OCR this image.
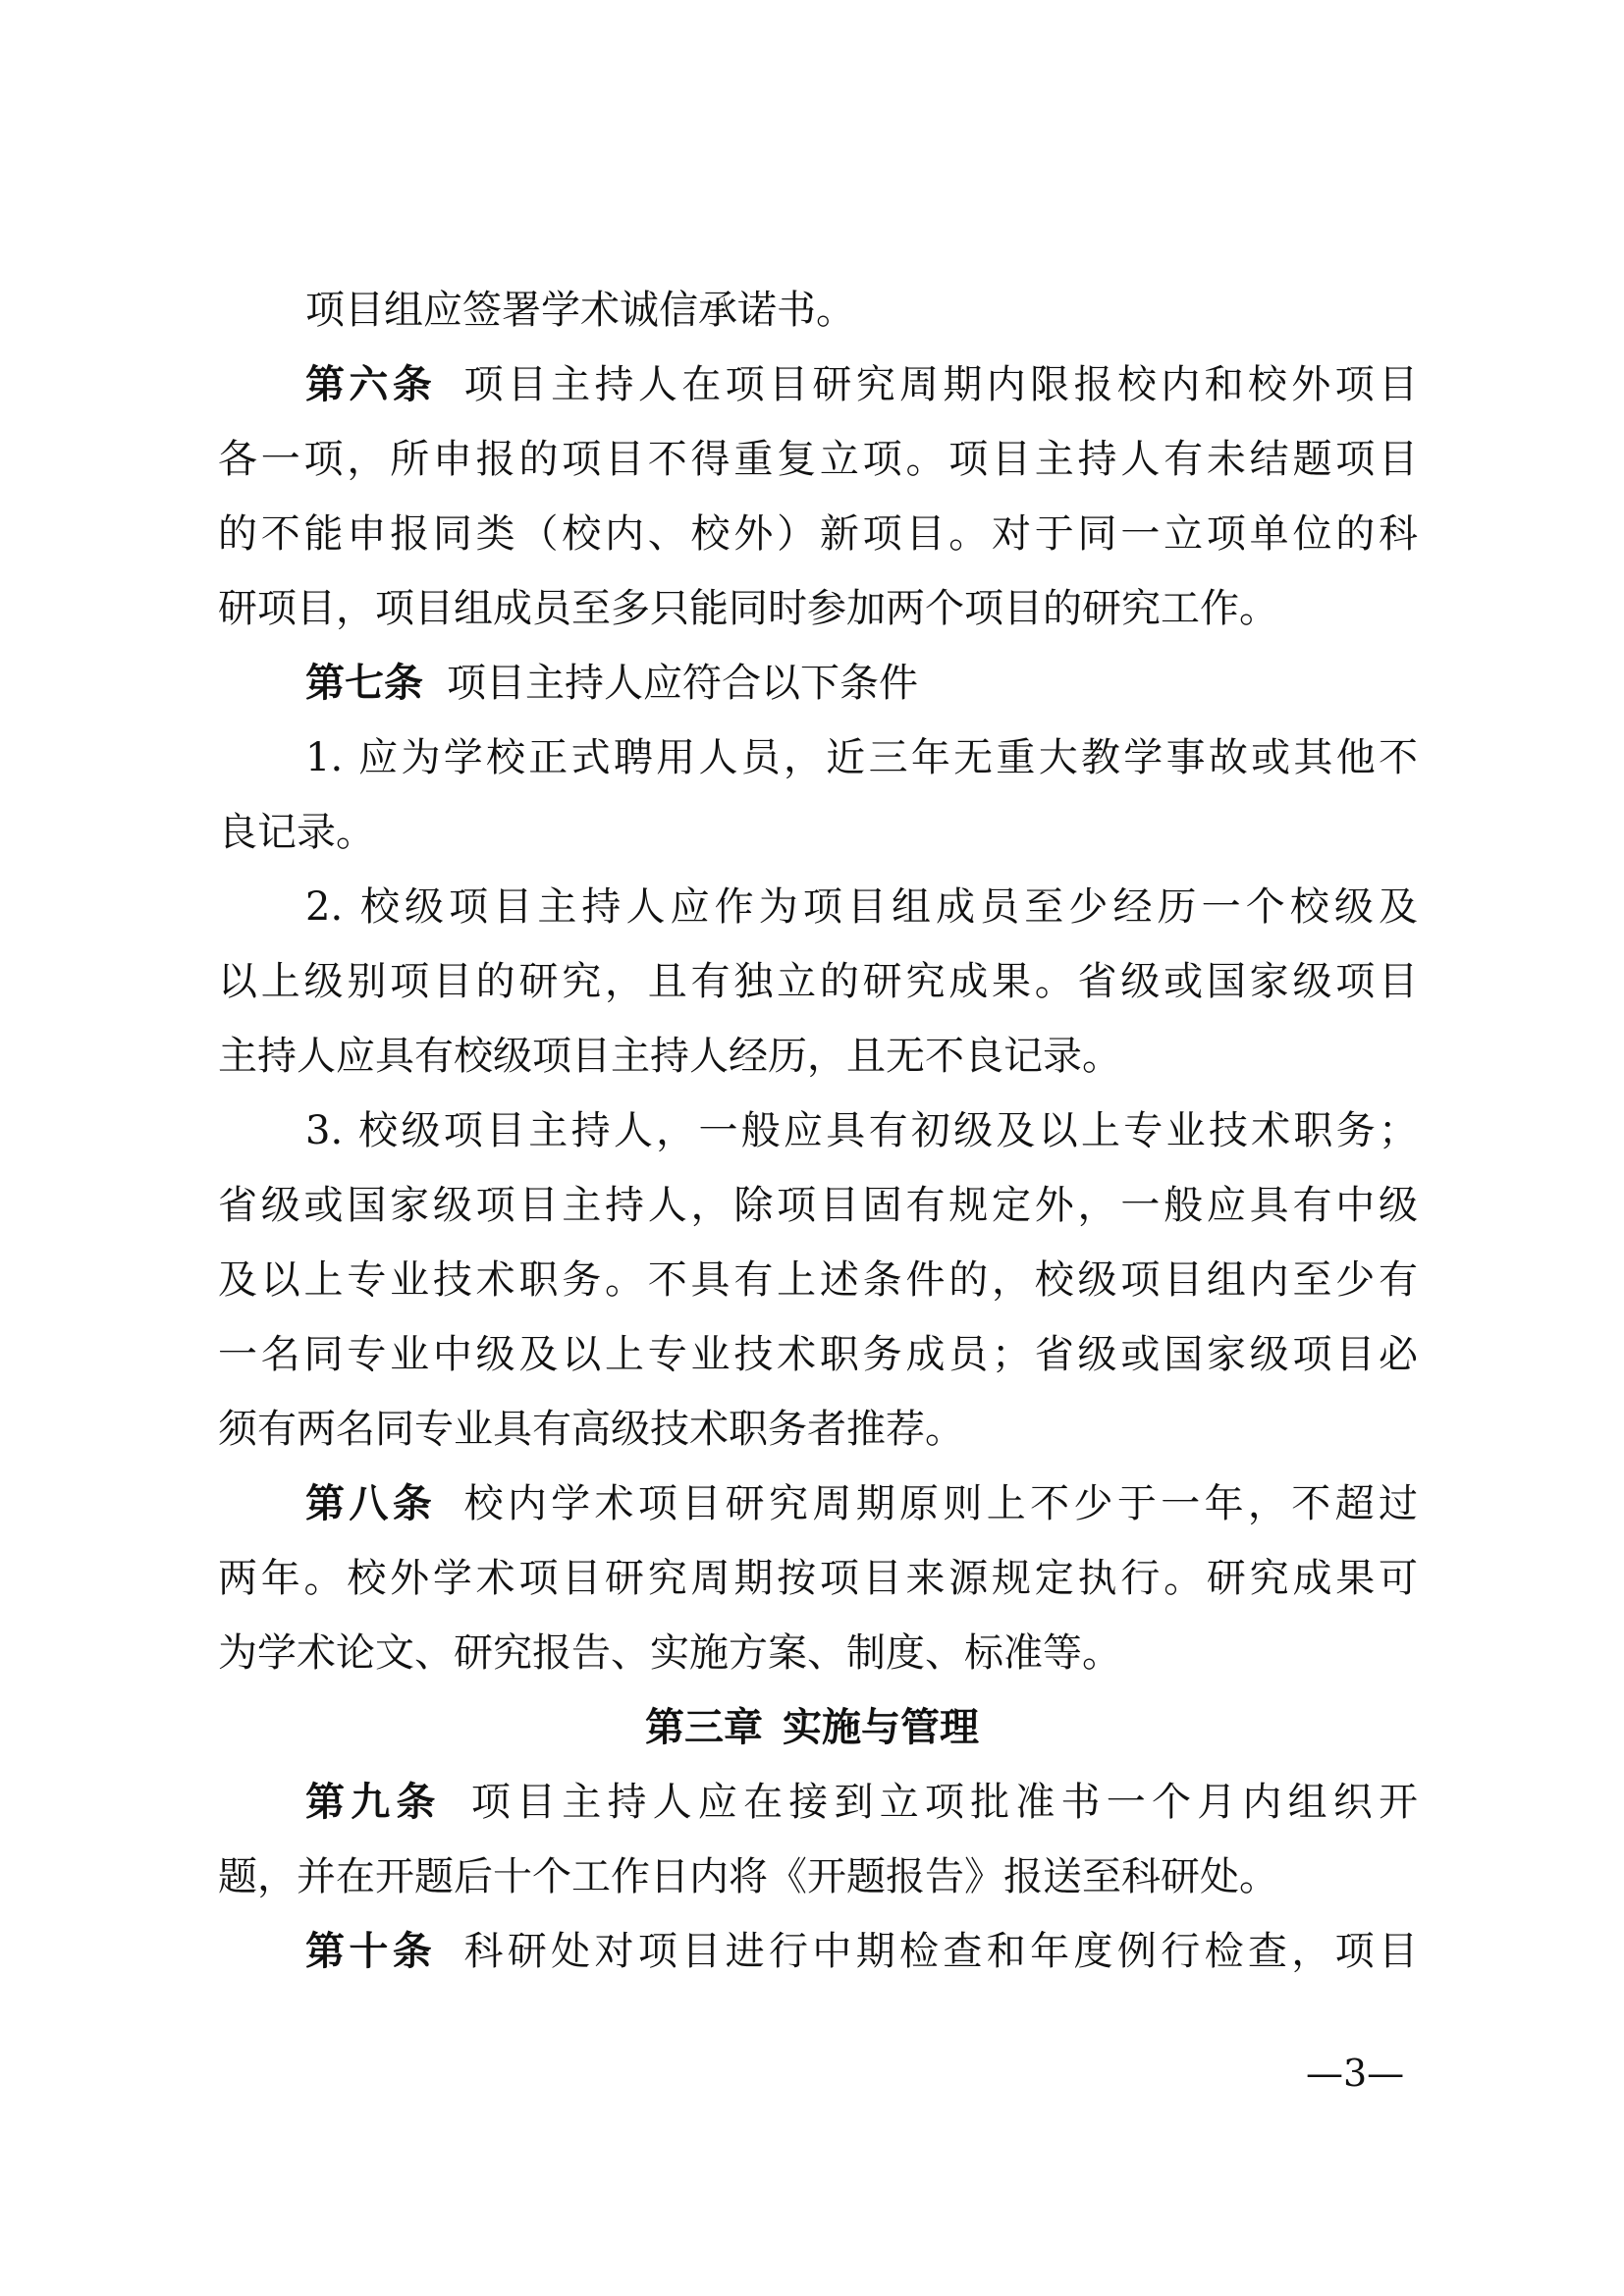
项目组应签署学术诚信承诺书。
第六条 项目主持人在项目研究周期内限报校内和校外项目
各一项，所申报的项目不得重复立项。项目主持人有未结题项目
的不能申报同类（校内、校外）新项目。对于同一立项单位的科
研项目，项目组成员至多只能同时参加两个项目的研究工作。
第七条 项目主持人应符合以下条件
1. 应为学校正式聘用人员，近三年无重大教学事故或其他不
良记录。
2. 校级项目主持人应作为项目组成员至少经历一个校级及
以上级别项目的研究，且有独立的研究成果。省级或国家级项目
主持人应具有校级项目主持人经历，且无不良记录。
3. 校级项目主持人，一般应具有初级及以上专业技术职务；
省级或国家级项目主持人，除项目固有规定外，一般应具有中级
及以上专业技术职务。不具有上述条件的，校级项目组内至少有
一名同专业中级及以上专业技术职务成员；省级或国家级项目必
须有两名同专业具有高级技术职务者推荐。
第八条 校内学术项目研究周期原则上不少于一年，不超过
两年。校外学术项目研究周期按项目来源规定执行。研究成果可
为学术论文、研究报告、实施方案、制度、标准等。
第三章 实施与管理
第九条 项目主持人应在接到立项批准书一个月内组织开
题，并在开题后十个工作日内将《开题报告》报送至科研处。
第十条 科研处对项目进行中期检查和年度例行检查，项目
—3—
